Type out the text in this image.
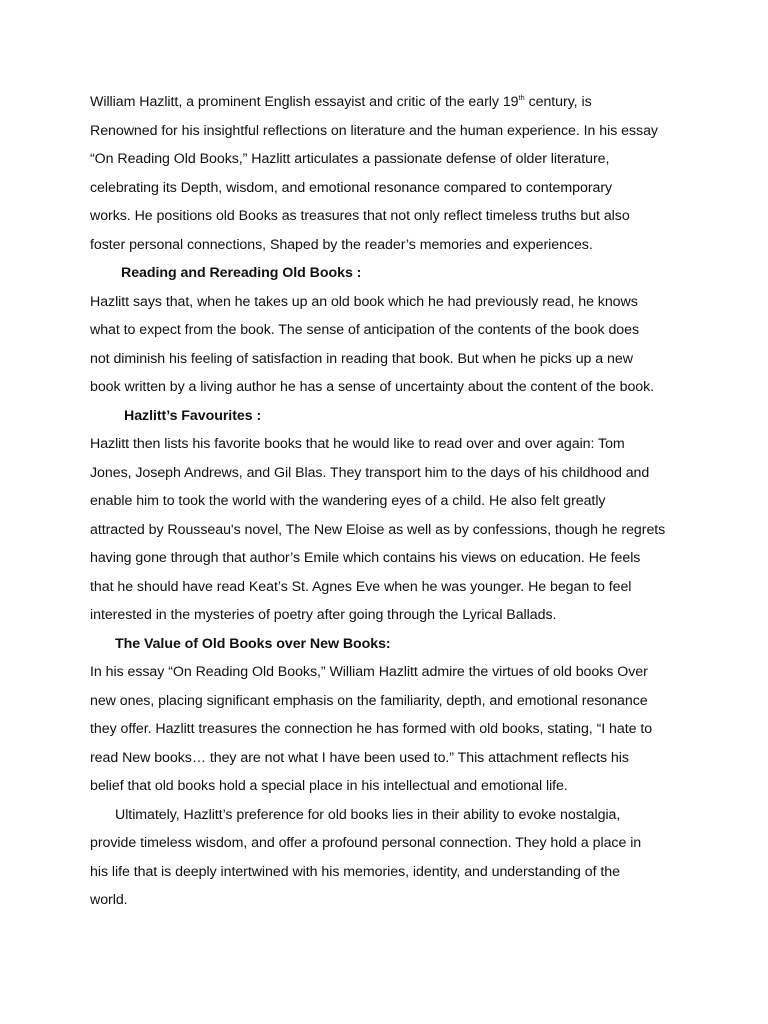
William Hazlitt, a prominent English essayist and critic of the early 19th century, is
Renowned for his insightful reflections on literature and the human experience. In his essay
“On Reading Old Books,” Hazlitt articulates a passionate defense of older literature,
celebrating its Depth, wisdom, and emotional resonance compared to contemporary
works. He positions old Books as treasures that not only reflect timeless truths but also
foster personal connections, Shaped by the reader’s memories and experiences.
Reading and Rereading Old Books :
Hazlitt says that, when he takes up an old book which he had previously read, he knows
what to expect from the book. The sense of anticipation of the contents of the book does
not diminish his feeling of satisfaction in reading that book. But when he picks up a new
book written by a living author he has a sense of uncertainty about the content of the book.
Hazlitt’s Favourites :
Hazlitt then lists his favorite books that he would like to read over and over again: Tom
Jones, Joseph Andrews, and Gil Blas. They transport him to the days of his childhood and
enable him to took the world with the wandering eyes of a child. He also felt greatly
attracted by Rousseau's novel, The New Eloise as well as by confessions, though he regrets
having gone through that author’s Emile which contains his views on education. He feels
that he should have read Keat’s St. Agnes Eve when he was younger. He began to feel
interested in the mysteries of poetry after going through the Lyrical Ballads.
The Value of Old Books over New Books:
In his essay “On Reading Old Books,” William Hazlitt admire the virtues of old books Over
new ones, placing significant emphasis on the familiarity, depth, and emotional resonance
they offer. Hazlitt treasures the connection he has formed with old books, stating, “I hate to
read New books… they are not what I have been used to.” This attachment reflects his
belief that old books hold a special place in his intellectual and emotional life.
Ultimately, Hazlitt’s preference for old books lies in their ability to evoke nostalgia,
provide timeless wisdom, and offer a profound personal connection. They hold a place in
his life that is deeply intertwined with his memories, identity, and understanding of the
world.
